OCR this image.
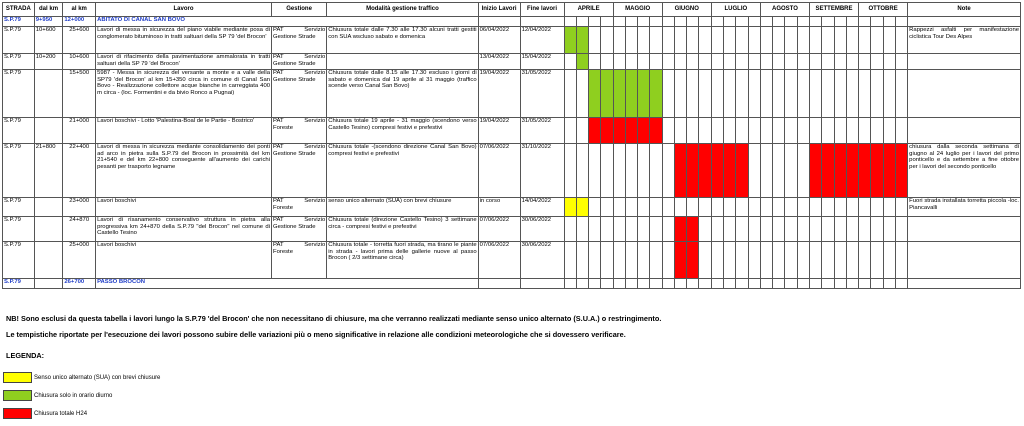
STRADA	dal km	al km	Lavoro	Gestione	Modalità gestione traffico	Inizio Lavori	Fine lavori	APRILE				MAGGIO				GIUGNO				LUGLIO				AGOSTO				SETTEMBRE				OTTOBRE				Note
S.P.79	9+950	12+000	ABITATO DI CANAL SAN BOVO																																	
S.P.79	10+600	25+600	Lavori di messa in sicurezza del piano viabile mediante posa di conglomerato bituminoso in tratti saltuari della SP 79 'del Brocon'	PAT Servizio Gestione Strade	Chiusura totale dalle 7.30 alle 17.30 alcuni tratti gestiti con SUA wscluso sabato e domenica	06/04/2022	12/04/2022																													Rappezzi asfalti per manifestazione ciclistica Tour Des Alpes
S.P.79	10+200	10+600	Lavori di rifacimento della pavimentazione ammalorata in tratti saltuari della SP 79 'del Brocon'	PAT Servizio Gestione Strade		13/04/2022	15/04/2022																													
S.P.79		15+500	5987 - Messa in sicurezza del versante a monte e a valle della SP79 'del Brocon' al km 15+350 circa in comune di Canal San Bovo - Realizzazione collettore acque bianche in carreggiata 400 m circa - (loc. Formentini e da bivio Ronco a Pugnai)	PAT Servizio Gestione Strade	Chiusura totale dalle 8.15 alle 17.30 escluso i giorni di sabato e domenica dal 19 aprile al 31 maggio (traffico scende verso Canal San Bovo)	19/04/2022	31/05/2022																													
S.P.79		21+000	Lavori boschivi - Lotto 'Palestina-Boal de le Partie - Bostrico'	PAT Servizio Foreste	Chiusura totale 19 aprile - 31 maggio (scendono verso Castello Tesino) compresi festivi e prefestivi	19/04/2022	31/05/2022																													
S.P.79	21+800	22+400	Lavori di messa in sicurezza mediante consolidamento dei ponti ad arco in pietra sulla S.P.79 del Brocon in prossimità del km 21+540 e del km 22+800 conseguente all'aumento dei carichi pesanti per trasporto legname	PAT Servizio Gestione Strade	Chiusura totale -(scendono direzione Canal San Bovo) compresi festivi e prefestivi	07/06/2022	31/10/2022																													chiusura dalla seconda settimana di giugno al 24 luglio per i lavori del primo ponticello e da settembre a fine ottobre per i lavori del secondo ponticello
S.P.79		23+000	Lavori boschivi	PAT Servizio Foreste	senso unico alternato (SUA) con brevi chiusure	in corso	14/04/2022																													Fuori strada installata torretta piccola -loc. Piancavalli
S.P.79		24+870	Lavori di risanamento conservativo struttura in pietra alla progressiva km 24+870 della S.P.79 "del Brocon" nel comune di Castello Tesino	PAT Servizio Gestione Strade	Chiusura totale (direzione Castello Tesino) 3 settimane circa - compresi festivi e prefestivi	07/06/2022	30/06/2022																													
S.P.79		25+000	Lavori boschivi	PAT Servizio Foreste	Chiusura totale - torretta fuori strada, ma tirano le piante in strada - lavori prima delle gallerie nuove al passo Brocon ( 2/3 settimane circa)	07/06/2022	30/06/2022																													
S.P.79		26+700	PASSO BROCON																																	

NB! Sono esclusi da questa tabella i lavori lungo la S.P.79 'del Brocon' che non necessitano di chiusure, ma che verranno realizzati mediante senso unico alternato (S.U.A.) o restringimento.

Le tempistiche riportate per l'esecuzione dei lavori possono subire delle variazioni più o meno significative in relazione alle condizioni meteorologiche che si dovessero verificare.

LEGENDA:
Senso unico alternato (SUA) con brevi chiusure
Chiusura solo in orario diurno
Chiusura totale H24
